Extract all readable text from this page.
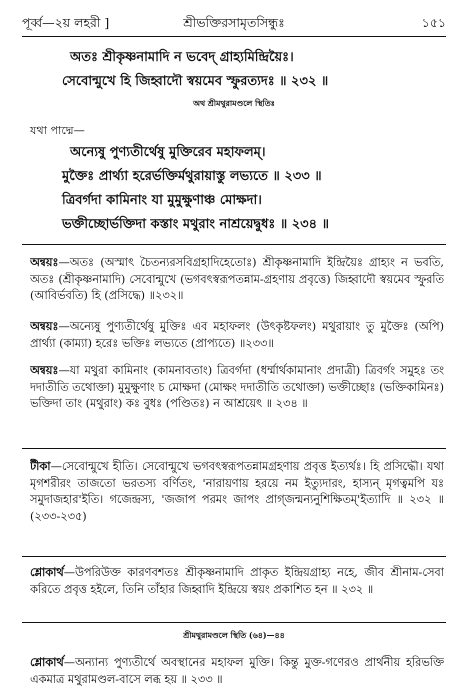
পূর্ব্ব—২য় লহরী ]	শ্রীভক্তিরসামৃতসিন্ধুঃ	১৫১
অতঃ শ্রীকৃষ্ণনামাদি ন ভবেদ্ গ্রাহ্যমিন্দ্রিয়ৈঃ।
সেবোন্মুখে হি জিহ্বাদৌ স্বয়মেব স্ফুরত্যদঃ ॥ ২৩২ ॥
অথ শ্রীমথুরামণ্ডলে স্থিতিঃ
যথা পাদ্মে—
অন্যেষু পুণ্যতীর্থেষু মুক্তিরেব মহাফলম্।
মুক্তৈঃ প্রার্থ্যা হরের্ভক্তির্মথুরায়াস্তু লভ্যতে ॥ ২৩৩ ॥
ত্রিবর্গদা কামিনাং যা মুমুক্ষুণাঞ্চ মোক্ষদা।
ভক্তীচ্ছোর্ভক্তিদা কস্তাং মথুরাং নাশ্রয়েদ্বুধঃ ॥ ২৩৪ ॥
অন্বয়ঃ—অতঃ (অস্মাৎ চৈতন্যরসবিগ্রহাদিহেতোঃ) শ্রীকৃষ্ণনামাদি ইন্দ্রিয়ৈঃ গ্রাহ্যং ন ভবতি, অতঃ (শ্রীকৃষ্ণনামাদি) সেবোন্মুখে (ভগবৎস্বরূপতন্নাম-গ্রহণায় প্রবৃত্তে) জিহ্বাদৌ স্বয়মেব স্ফুরতি (আবির্ভবতি) হি (প্রসিদ্ধে) ॥২৩২॥
অন্বয়ঃ—অন্যেষু পুণ্যতীর্থেষু মুক্তিঃ এব মহাফলং (উৎকৃষ্টফলং) মথুরায়াং তু মুক্তৈঃ (অপি) প্রার্থ্যা (কাম্যা) হরেঃ ভক্তিঃ লভ্যতে (প্রাপ্যতে) ॥২৩৩॥
অন্বয়ঃ—যা মথুরা কামিনাং (কামনাবতাং) ত্রিবর্গদা (ধর্ম্মার্থকামানাং প্রদাত্রী) ত্রিবর্গং সমুহঃ তং দদাতীতি তথোক্তা) মুমুক্ষুণাং চ মোক্ষদা (মোক্ষং দদাতীতি তথোক্তা) ভক্তীচ্ছোঃ (ভক্তিকামিনঃ) ভক্তিদা তাং (মথুরাং) কঃ বুধঃ (পণ্ডিতঃ) ন আশ্রয়েৎ ॥ ২৩৪ ॥
টীকা—সেবোন্মুখে হীতি। সেবোন্মুখে ভগবৎস্বরূপতন্নামগ্রহণায় প্রবৃত্ত ইত্যর্থঃ। হি প্রসিদ্ধৌ। যথা মৃগশরীরং তাজতো ভরতস্য বর্ণিতং, 'নারায়ণায় হরয়ে নম ইত্যুদারং, হাস্যন্ মৃগত্বমপি যঃ সমুদাজহার'ইতি। গজেন্দ্রস্য, 'জজাপ পরমং জাপং প্রাগ্জন্মন্যনুশিক্ষিতম্'ইত্যাদি ॥ ২৩২ ॥ (২৩৩-২৩৫)
শ্লোকার্থ—উপরিউক্ত কারণবশতঃ শ্রীকৃষ্ণনামাদি প্রাকৃত ইন্দ্রিয়গ্রাহ্য নহে, জীব শ্রীনাম-সেবা করিতে প্রবৃত্ত হইলে, তিনি তাঁহার জিহ্বাদি ইন্দ্রিয়ে স্বয়ং প্রকাশিত হন ॥ ২৩২ ॥
শ্রীমথুরামণ্ডলে স্থিতি (৬৪)—৪৪
শ্লোকার্থ—অন্যান্য পুণ্যতীর্থে অবস্থানের মহাফল মুক্তি। কিন্তু মুক্ত-গণেরও প্রার্থনীয় হরিভক্তি একমাত্র মথুরামণ্ডল-বাসে লব্ধ হয় ॥ ২৩৩ ॥
